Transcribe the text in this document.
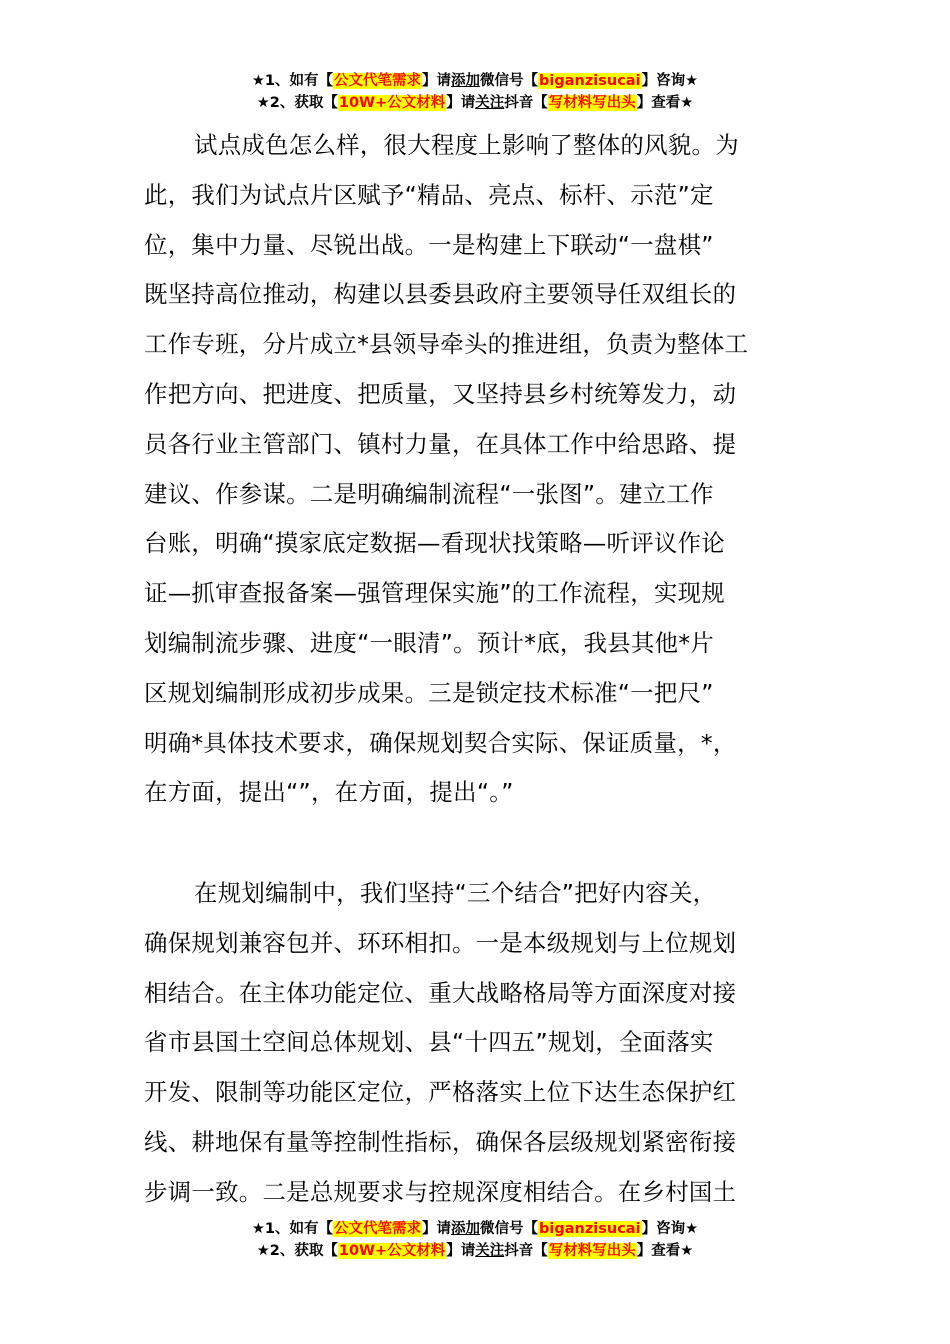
★1、如有【公文代笔需求】请添加微信号【biganzisucai】咨询★
★2、获取【10W+公文材料】请关注抖音【写材料写出头】查看★
试点成色怎么样，很大程度上影响了整体的风貌。为
此，我们为试点片区赋予“精品、亮点、标杆、示范”定
位，集中力量、尽锐出战。一是构建上下联动“一盘棋”
既坚持高位推动，构建以县委县政府主要领导任双组长的
工作专班，分片成立*县领导牵头的推进组，负责为整体工
作把方向、把进度、把质量，又坚持县乡村统筹发力，动
员各行业主管部门、镇村力量，在具体工作中给思路、提
建议、作参谋。二是明确编制流程“一张图”。建立工作
台账，明确“摸家底定数据—看现状找策略—听评议作论
证—抓审查报备案—强管理保实施”的工作流程，实现规
划编制流步骤、进度“一眼清”。预计*底，我县其他*片
区规划编制形成初步成果。三是锁定技术标准“一把尺”
明确*具体技术要求，确保规划契合实际、保证质量，*，
在方面，提出“”，在方面，提出“。”
在规划编制中，我们坚持“三个结合”把好内容关，
确保规划兼容包并、环环相扣。一是本级规划与上位规划
相结合。在主体功能定位、重大战略格局等方面深度对接
省市县国土空间总体规划、县“十四五”规划，全面落实
开发、限制等功能区定位，严格落实上位下达生态保护红
线、耕地保有量等控制性指标，确保各层级规划紧密衔接
步调一致。二是总规要求与控规深度相结合。在乡村国土
★1、如有【公文代笔需求】请添加微信号【biganzisucai】咨询★
★2、获取【10W+公文材料】请关注抖音【写材料写出头】查看★
